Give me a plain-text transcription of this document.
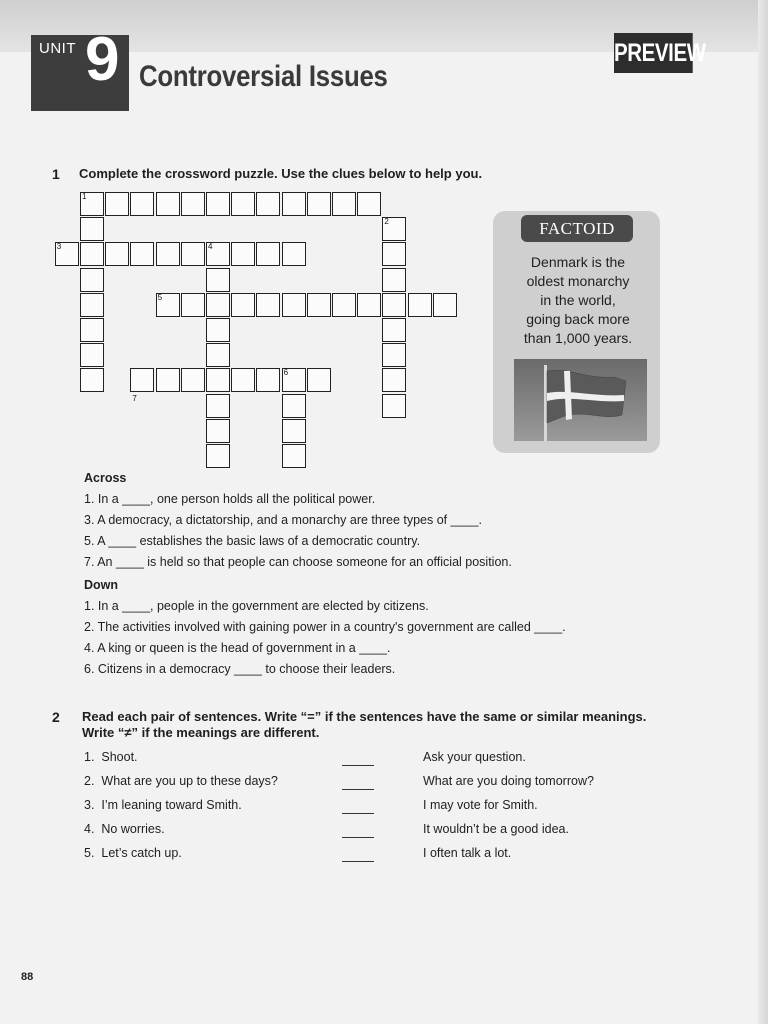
UNIT 9 Controversial Issues
PREVIEW
1 Complete the crossword puzzle. Use the clues below to help you.
1
2
3	4
5
6
7
FACTOID
Denmark is the
oldest monarchy
in the world,
going back more
than 1,000 years.
Across
1. In a ____, one person holds all the political power.
3. A democracy, a dictatorship, and a monarchy are three types of ____.
5. A ____ establishes the basic laws of a democratic country.
7. An ____ is held so that people can choose someone for an official position.
Down
1. In a ____, people in the government are elected by citizens.
2. The activities involved with gaining power in a country's government are called ____.
4. A king or queen is the head of government in a ____.
6. Citizens in a democracy ____ to choose their leaders.
2 Read each pair of sentences. Write “=” if the sentences have the same or similar meanings.
Write “≠” if the meanings are different.
1. Shoot.	Ask your question.
2. What are you up to these days?	What are you doing tomorrow?
3. I’m leaning toward Smith.	I may vote for Smith.
4. No worries.	It wouldn’t be a good idea.
5. Let’s catch up.	I often talk a lot.
88
